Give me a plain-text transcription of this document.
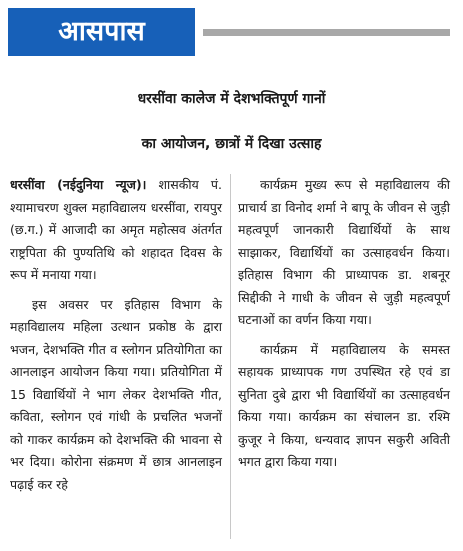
आसपास
धरसींवा कालेज में देशभक्तिपूर्ण गानों
का आयोजन, छात्रों में दिखा उत्साह

धरसींवा (नईदुनिया न्यूज)। शासकीय पं. श्यामाचरण शुक्ल महाविद्यालय धरसींवा, रायपुर (छ.ग.) में आजादी का अमृत महोत्सव अंतर्गत राष्ट्रपिता की पुण्यतिथि को शहादत दिवस के रूप में मनाया गया।

इस अवसर पर इतिहास विभाग के महाविद्यालय महिला उत्थान प्रकोष्ठ के द्वारा भजन, देशभक्ति गीत व स्लोगन प्रतियोगिता का आनलाइन आयोजन किया गया। प्रतियोगिता में 15 विद्यार्थियों ने भाग लेकर देशभक्ति गीत, कविता, स्लोगन एवं गांधी के प्रचलित भजनों को गाकर कार्यक्रम को देशभक्ति की भावना से भर दिया। कोरोना संक्रमण में छात्र आनलाइन पढ़ाई कर रहे

कार्यक्रम मुख्य रूप से महाविद्यालय की प्राचार्य डा विनोद शर्मा ने बापू के जीवन से जुड़ी महत्वपूर्ण जानकारी विद्यार्थियों के साथ साझाकर, विद्यार्थियों का उत्साहवर्धन किया। इतिहास विभाग की प्राध्यापक डा. शबनूर सिद्दीकी ने गाधी के जीवन से जुड़ी महत्वपूर्ण घटनाओं का वर्णन किया गया।

कार्यक्रम में महाविद्यालय के समस्त सहायक प्राध्यापक गण उपस्थित रहे एवं डा सुनिता दुबे द्वारा भी विद्यार्थियों का उत्साहवर्धन किया गया। कार्यक्रम का संचालन डा. रश्मि कुजूर ने किया, धन्यवाद ज्ञापन सकुरी अविती भगत द्वारा किया गया।
